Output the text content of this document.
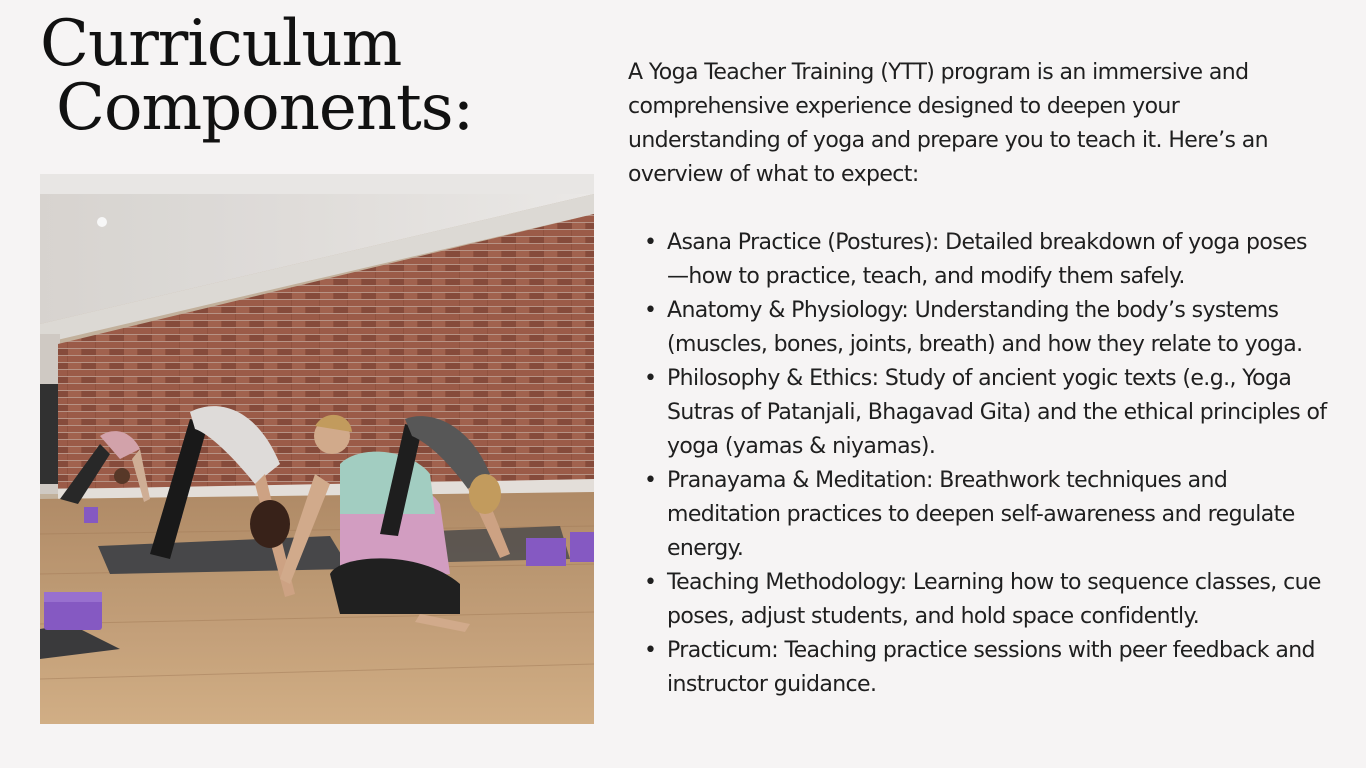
Curriculum
Components:	A Yoga Teacher Training (YTT) program is an immersive and comprehensive experience designed to deepen your understanding of yoga and prepare you to teach it. Here’s an overview of what to expect:

• Asana Practice (Postures): Detailed breakdown of yoga poses—how to practice, teach, and modify them safely.
• Anatomy & Physiology: Understanding the body’s systems (muscles, bones, joints, breath) and how they relate to yoga.
• Philosophy & Ethics: Study of ancient yogic texts (e.g., Yoga Sutras of Patanjali, Bhagavad Gita) and the ethical principles of yoga (yamas & niyamas).
• Pranayama & Meditation: Breathwork techniques and meditation practices to deepen self-awareness and regulate energy.
• Teaching Methodology: Learning how to sequence classes, cue poses, adjust students, and hold space confidently.
• Practicum: Teaching practice sessions with peer feedback and instructor guidance.
